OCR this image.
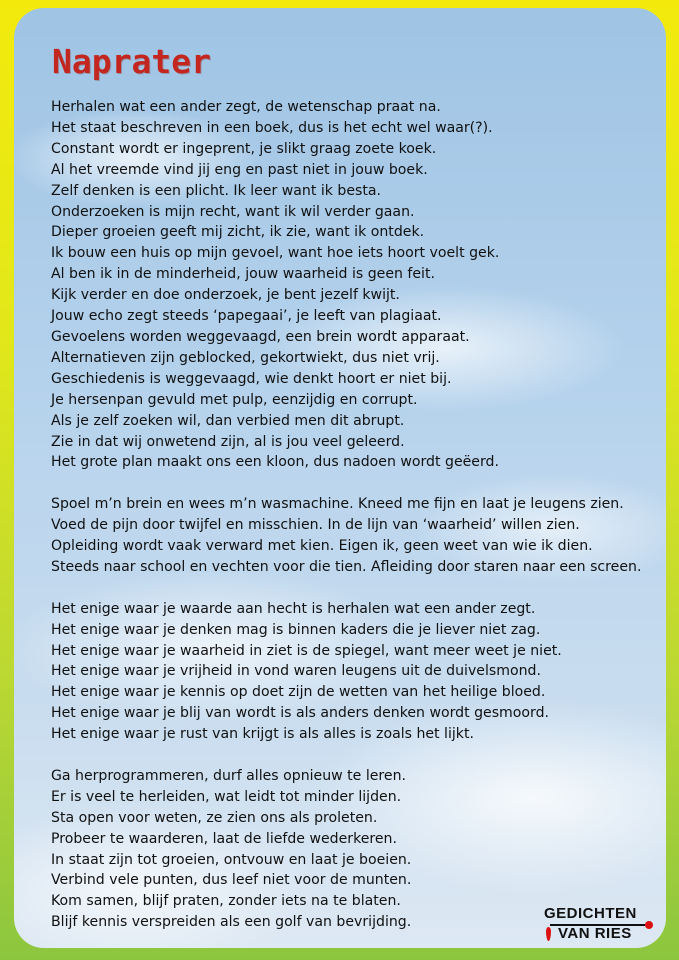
Naprater
Herhalen wat een ander zegt, de wetenschap praat na.
Het staat beschreven in een boek, dus is het echt wel waar(?).
Constant wordt er ingeprent, je slikt graag zoete koek.
Al het vreemde vind jij eng en past niet in jouw boek.
Zelf denken is een plicht. Ik leer want ik besta.
Onderzoeken is mijn recht, want ik wil verder gaan.
Dieper groeien geeft mij zicht, ik zie, want ik ontdek.
Ik bouw een huis op mijn gevoel, want hoe iets hoort voelt gek.
Al ben ik in de minderheid, jouw waarheid is geen feit.
Kijk verder en doe onderzoek, je bent jezelf kwijt.
Jouw echo zegt steeds ‘papegaai’, je leeft van plagiaat.
Gevoelens worden weggevaagd, een brein wordt apparaat.
Alternatieven zijn geblocked, gekortwiekt, dus niet vrij.
Geschiedenis is weggevaagd, wie denkt hoort er niet bij.
Je hersenpan gevuld met pulp, eenzijdig en corrupt.
Als je zelf zoeken wil, dan verbied men dit abrupt.
Zie in dat wij onwetend zijn, al is jou veel geleerd.
Het grote plan maakt ons een kloon, dus nadoen wordt geëerd.
Spoel m’n brein en wees m’n wasmachine. Kneed me fijn en laat je leugens zien.
Voed de pijn door twijfel en misschien. In de lijn van ‘waarheid’ willen zien.
Opleiding wordt vaak verward met kien. Eigen ik, geen weet van wie ik dien.
Steeds naar school en vechten voor die tien. Afleiding door staren naar een screen.
Het enige waar je waarde aan hecht is herhalen wat een ander zegt.
Het enige waar je denken mag is binnen kaders die je liever niet zag.
Het enige waar je waarheid in ziet is de spiegel, want meer weet je niet.
Het enige waar je vrijheid in vond waren leugens uit de duivelsmond.
Het enige waar je kennis op doet zijn de wetten van het heilige bloed.
Het enige waar je blij van wordt is als anders denken wordt gesmoord.
Het enige waar je rust van krijgt is als alles is zoals het lijkt.
Ga herprogrammeren, durf alles opnieuw te leren.
Er is veel te herleiden, wat leidt tot minder lijden.
Sta open voor weten, ze zien ons als proleten.
Probeer te waarderen, laat de liefde wederkeren.
In staat zijn tot groeien, ontvouw en laat je boeien.
Verbind vele punten, dus leef niet voor de munten.
Kom samen, blijf praten, zonder iets na te blaten.
Blijf kennis verspreiden als een golf van bevrijding.
GEDICHTEN
VAN RIES
